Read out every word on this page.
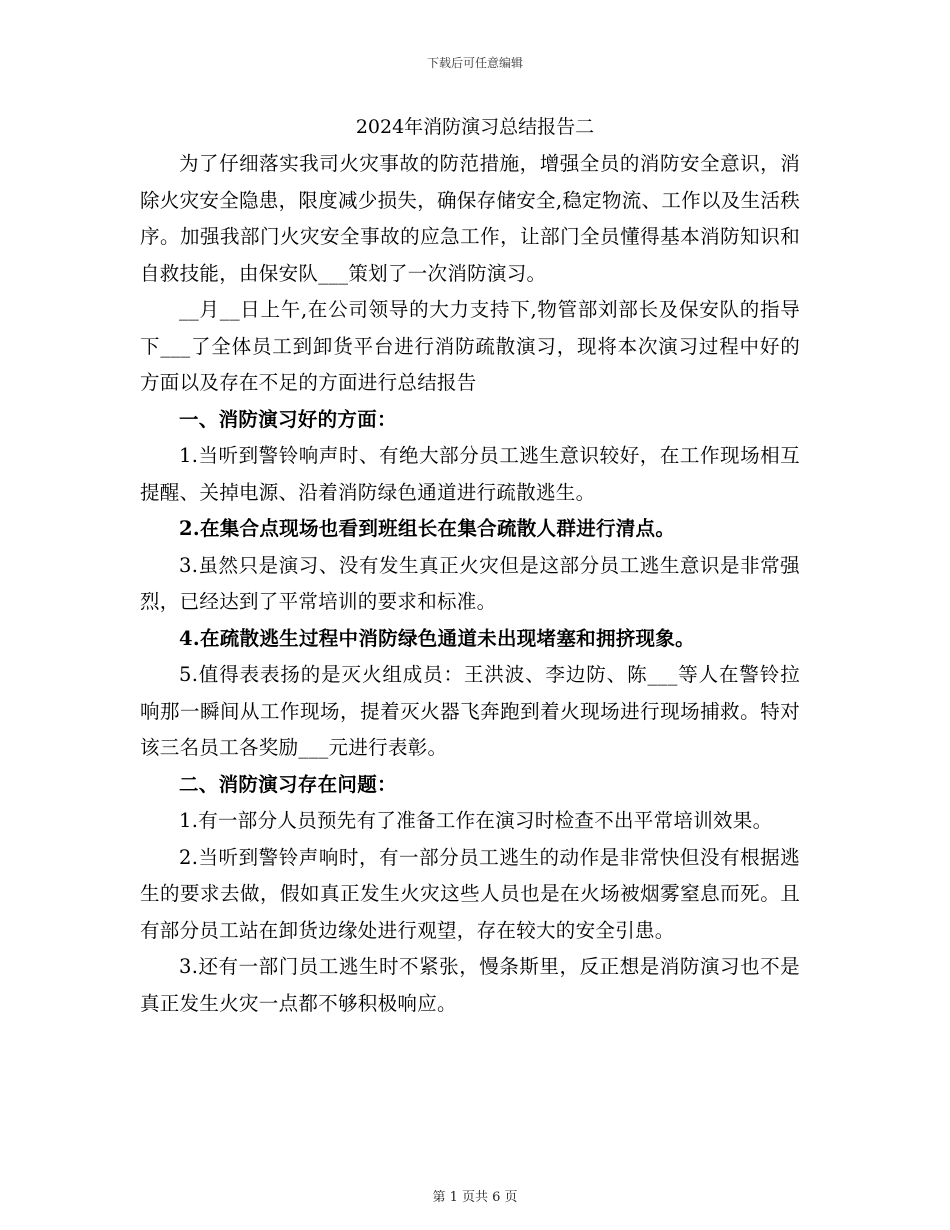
下载后可任意编辑
2024年消防演习总结报告二

为了仔细落实我司火灾事故的防范措施，增强全员的消防安全意识，消除火灾安全隐患，限度减少损失，确保存储安全,稳定物流、工作以及生活秩序。加强我部门火灾安全事故的应急工作，让部门全员懂得基本消防知识和自救技能，由保安队___策划了一次消防演习。

__月__日上午,在公司领导的大力支持下,物管部刘部长及保安队的指导下___了全体员工到卸货平台进行消防疏散演习，现将本次演习过程中好的方面以及存在不足的方面进行总结报告

一、消防演习好的方面：

1.当听到警铃响声时、有绝大部分员工逃生意识较好，在工作现场相互提醒、关掉电源、沿着消防绿色通道进行疏散逃生。

2.在集合点现场也看到班组长在集合疏散人群进行清点。

3.虽然只是演习、没有发生真正火灾但是这部分员工逃生意识是非常强烈，已经达到了平常培训的要求和标准。

4.在疏散逃生过程中消防绿色通道未出现堵塞和拥挤现象。

5.值得表表扬的是灭火组成员：王洪波、李边防、陈___等人在警铃拉响那一瞬间从工作现场，提着灭火器飞奔跑到着火现场进行现场捕救。特对该三名员工各奖励___元进行表彰。

二、消防演习存在问题：

1.有一部分人员预先有了准备工作在演习时检查不出平常培训效果。

2.当听到警铃声响时，有一部分员工逃生的动作是非常快但没有根据逃生的要求去做，假如真正发生火灾这些人员也是在火场被烟雾窒息而死。且有部分员工站在卸货边缘处进行观望，存在较大的安全引患。

3.还有一部门员工逃生时不紧张，慢条斯里，反正想是消防演习也不是真正发生火灾一点都不够积极响应。

第 1 页共 6 页
